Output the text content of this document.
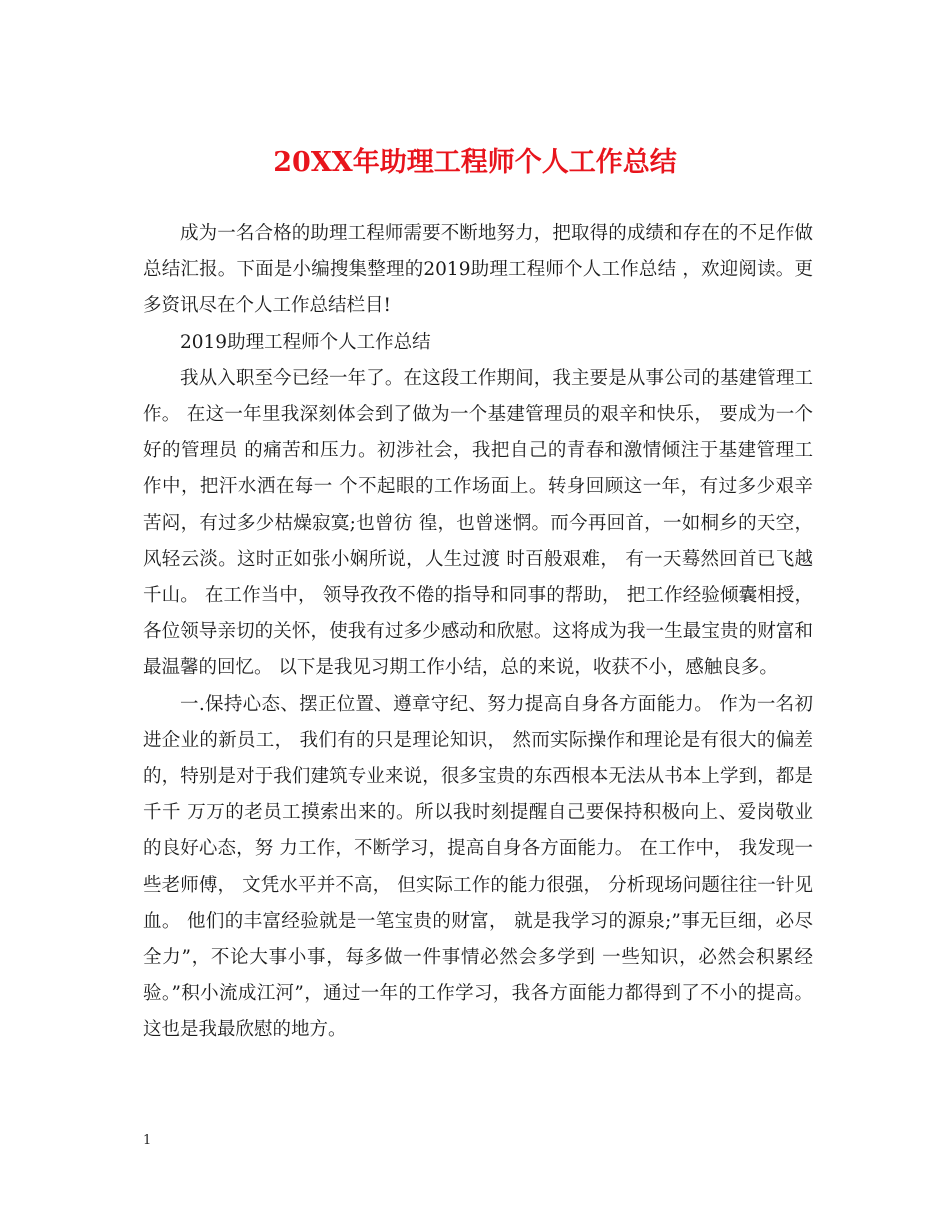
20XX年助理工程师个人工作总结

成为一名合格的助理工程师需要不断地努力，把取得的成绩和存在的不足作做总结汇报。下面是小编搜集整理的2019助理工程师个人工作总结 ，欢迎阅读。更多资讯尽在个人工作总结栏目!

2019助理工程师个人工作总结

我从入职至今已经一年了。在这段工作期间，我主要是从事公司的基建管理工作。 在这一年里我深刻体会到了做为一个基建管理员的艰辛和快乐， 要成为一个好的管理员 的痛苦和压力。初涉社会，我把自己的青春和激情倾注于基建管理工作中，把汗水洒在每一 个不起眼的工作场面上。转身回顾这一年，有过多少艰辛苦闷，有过多少枯燥寂寞;也曾彷 徨，也曾迷惘。而今再回首，一如桐乡的天空，风轻云淡。这时正如张小娴所说，人生过渡 时百般艰难， 有一天蓦然回首已飞越千山。 在工作当中， 领导孜孜不倦的指导和同事的帮助， 把工作经验倾囊相授，各位领导亲切的关怀，使我有过多少感动和欣慰。这将成为我一生最宝贵的财富和最温馨的回忆。 以下是我见习期工作小结，总的来说，收获不小，感触良多。

一.保持心态、摆正位置、遵章守纪、努力提高自身各方面能力。 作为一名初进企业的新员工， 我们有的只是理论知识， 然而实际操作和理论是有很大的偏差的，特别是对于我们建筑专业来说，很多宝贵的东西根本无法从书本上学到，都是千千 万万的老员工摸索出来的。所以我时刻提醒自己要保持积极向上、爱岗敬业的良好心态，努 力工作，不断学习，提高自身各方面能力。 在工作中， 我发现一些老师傅， 文凭水平并不高， 但实际工作的能力很强， 分析现场问题往往一针见血。 他们的丰富经验就是一笔宝贵的财富， 就是我学习的源泉;”事无巨细，必尽全力”，不论大事小事，每多做一件事情必然会多学到 一些知识，必然会积累经验。”积小流成江河”，通过一年的工作学习，我各方面能力都得到了不小的提高。这也是我最欣慰的地方。

1
